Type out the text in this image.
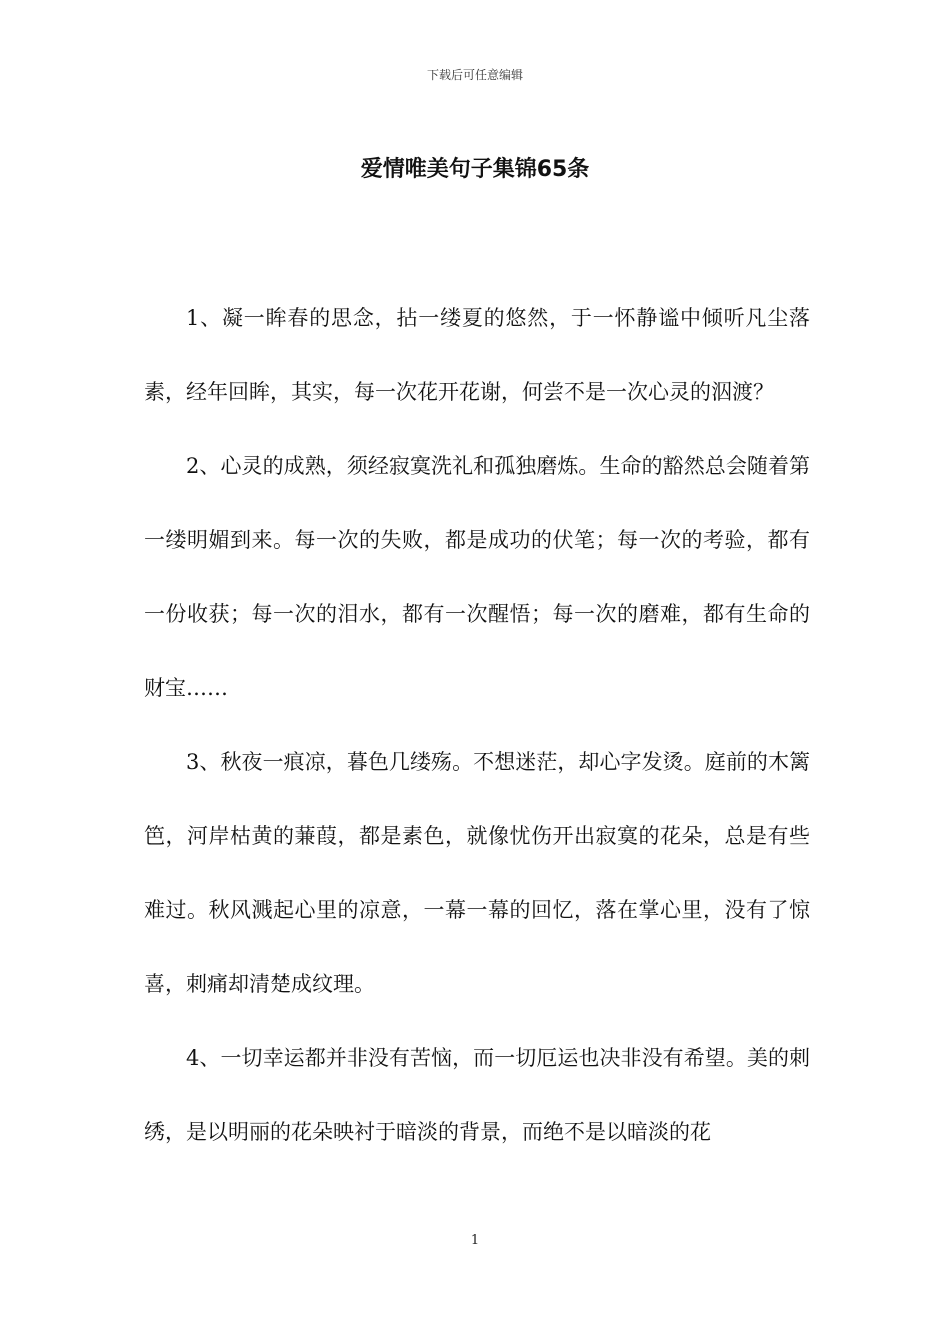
下载后可任意编辑
爱情唯美句子集锦65条

1、凝一眸春的思念，拈一缕夏的悠然，于一怀静谧中倾听凡尘落素，经年回眸，其实，每一次花开花谢，何尝不是一次心灵的泅渡？

2、心灵的成熟，须经寂寞洗礼和孤独磨炼。生命的豁然总会随着第一缕明媚到来。每一次的失败，都是成功的伏笔；每一次的考验，都有一份收获；每一次的泪水，都有一次醒悟；每一次的磨难，都有生命的财宝……

3、秋夜一痕凉，暮色几缕殇。不想迷茫，却心字发烫。庭前的木篱笆，河岸枯黄的蒹葭，都是素色，就像忧伤开出寂寞的花朵，总是有些难过。秋风溅起心里的凉意，一幕一幕的回忆，落在掌心里，没有了惊喜，刺痛却清楚成纹理。

4、一切幸运都并非没有苦恼，而一切厄运也决非没有希望。美的刺绣，是以明丽的花朵映衬于暗淡的背景，而绝不是以暗淡的花

1
